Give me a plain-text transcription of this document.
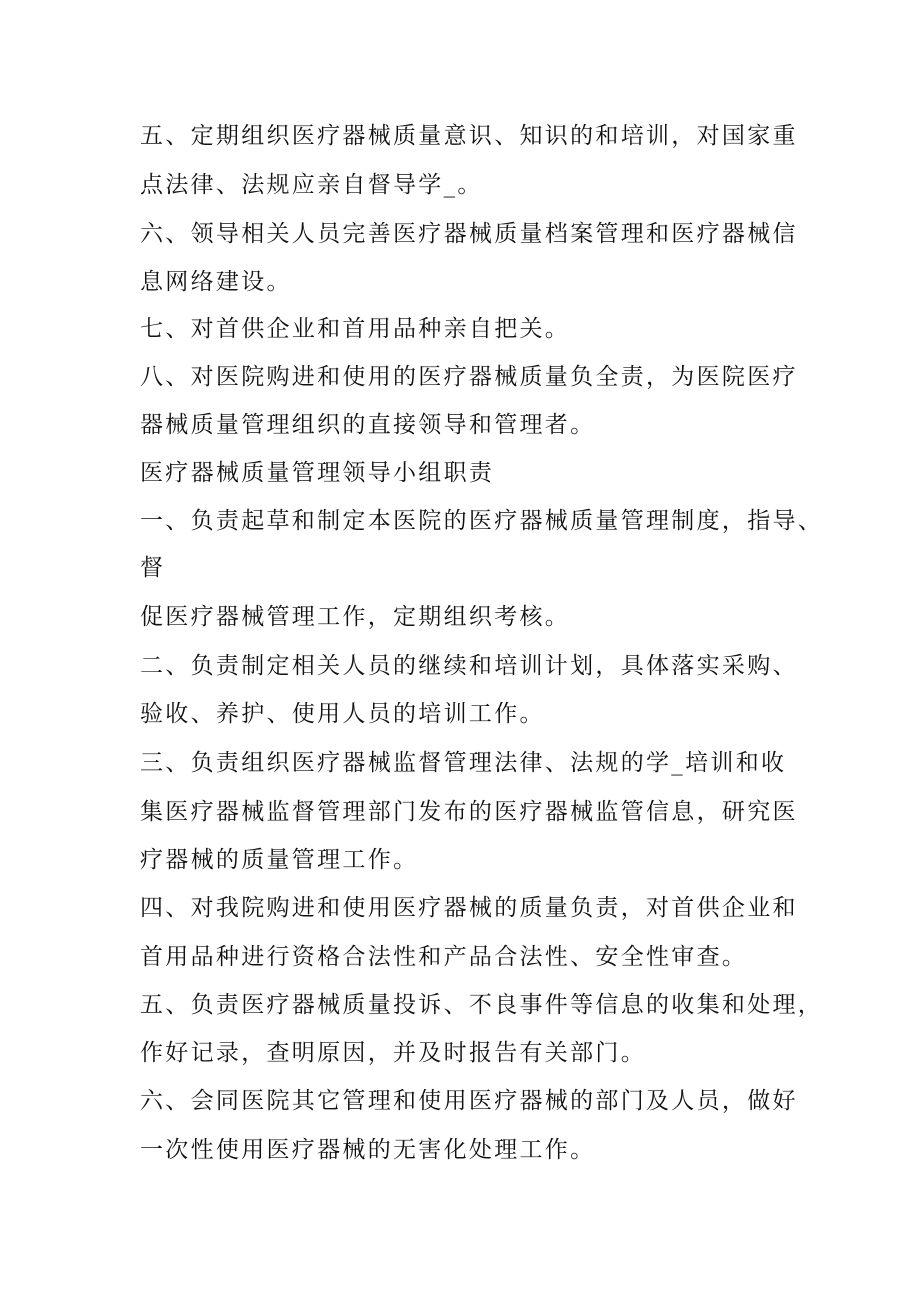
五、定期组织医疗器械质量意识、知识的和培训，对国家重

点法律、法规应亲自督导学_。

六、领导相关人员完善医疗器械质量档案管理和医疗器械信

息网络建设。

七、对首供企业和首用品种亲自把关。

八、对医院购进和使用的医疗器械质量负全责，为医院医疗

器械质量管理组织的直接领导和管理者。

医疗器械质量管理领导小组职责

一、负责起草和制定本医院的医疗器械质量管理制度，指导、

督

促医疗器械管理工作，定期组织考核。

二、负责制定相关人员的继续和培训计划，具体落实采购、

验收、养护、使用人员的培训工作。

三、负责组织医疗器械监督管理法律、法规的学_培训和收

集医疗器械监督管理部门发布的医疗器械监管信息，研究医

疗器械的质量管理工作。

四、对我院购进和使用医疗器械的质量负责，对首供企业和

首用品种进行资格合法性和产品合法性、安全性审查。

五、负责医疗器械质量投诉、不良事件等信息的收集和处理，

作好记录，查明原因，并及时报告有关部门。

六、会同医院其它管理和使用医疗器械的部门及人员，做好

一次性使用医疗器械的无害化处理工作。
